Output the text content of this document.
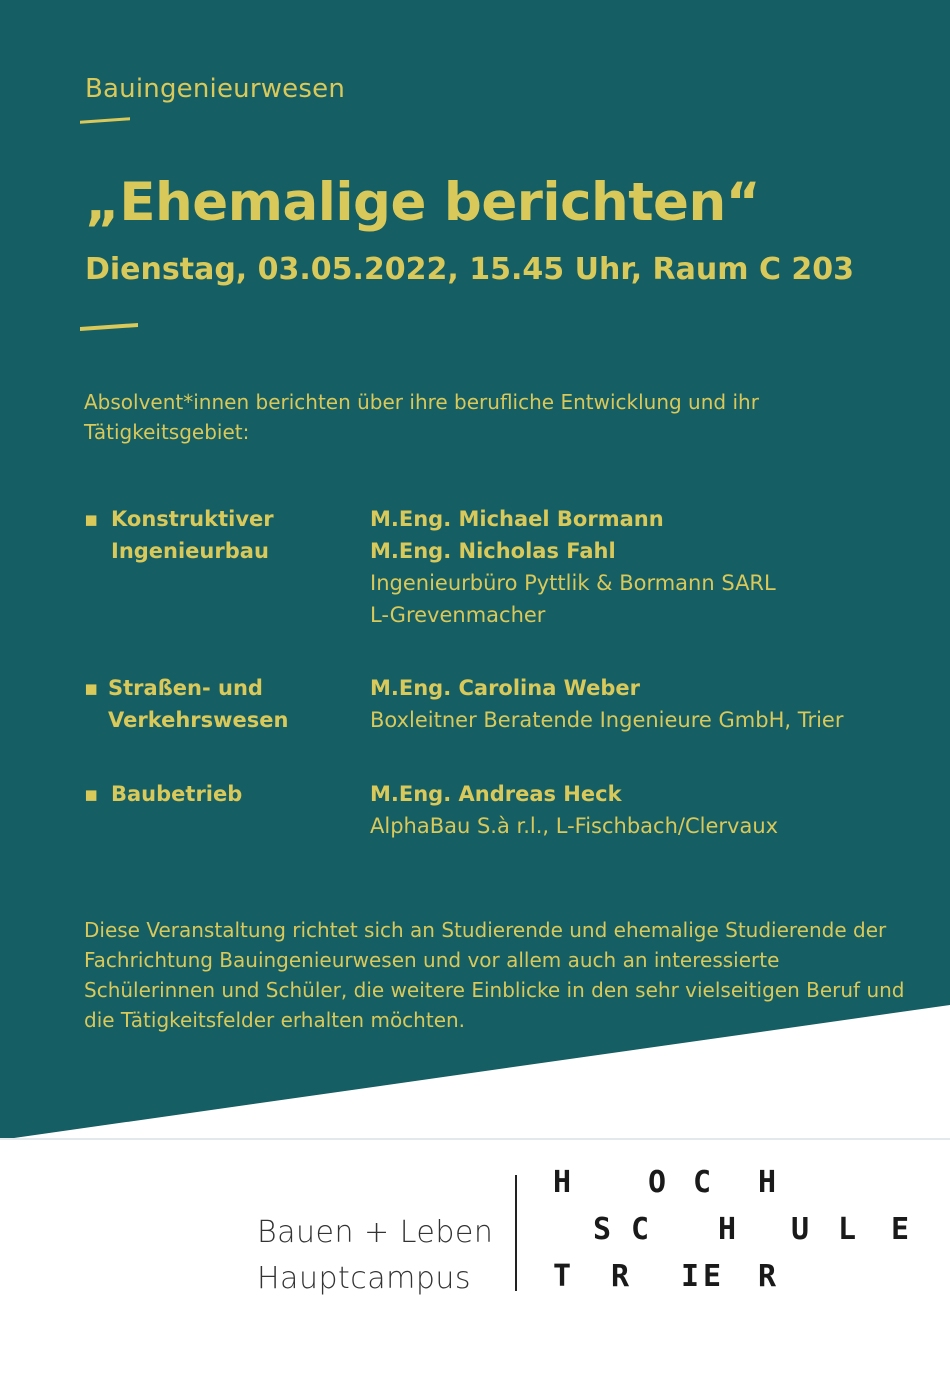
Bauingenieurwesen
„Ehemalige berichten“
Dienstag, 03.05.2022, 15.45 Uhr, Raum C 203
Absolvent*innen berichten über ihre berufliche Entwicklung und ihr Tätigkeitsgebiet:
▪ Konstruktiver
Ingenieurbau
M.Eng. Michael Bormann
M.Eng. Nicholas Fahl
Ingenieurbüro Pyttlik & Bormann SARL
L-Grevenmacher
▪ Straßen- und
Verkehrswesen
M.Eng. Carolina Weber
Boxleitner Beratende Ingenieure GmbH, Trier
▪ Baubetrieb	M.Eng. Andreas Heck
AlphaBau S.à r.l., L-Fischbach/Clervaux
Diese Veranstaltung richtet sich an Studierende und ehemalige Studierende der Fachrichtung Bauingenieurwesen und vor allem auch an interessierte Schülerinnen und Schüler, die weitere Einblicke in den sehr vielseitigen Beruf und die Tätigkeitsfelder erhalten möchten.
Bauen + Leben
Hauptcampus
H	O C H
S C H U L E
T R I E R
